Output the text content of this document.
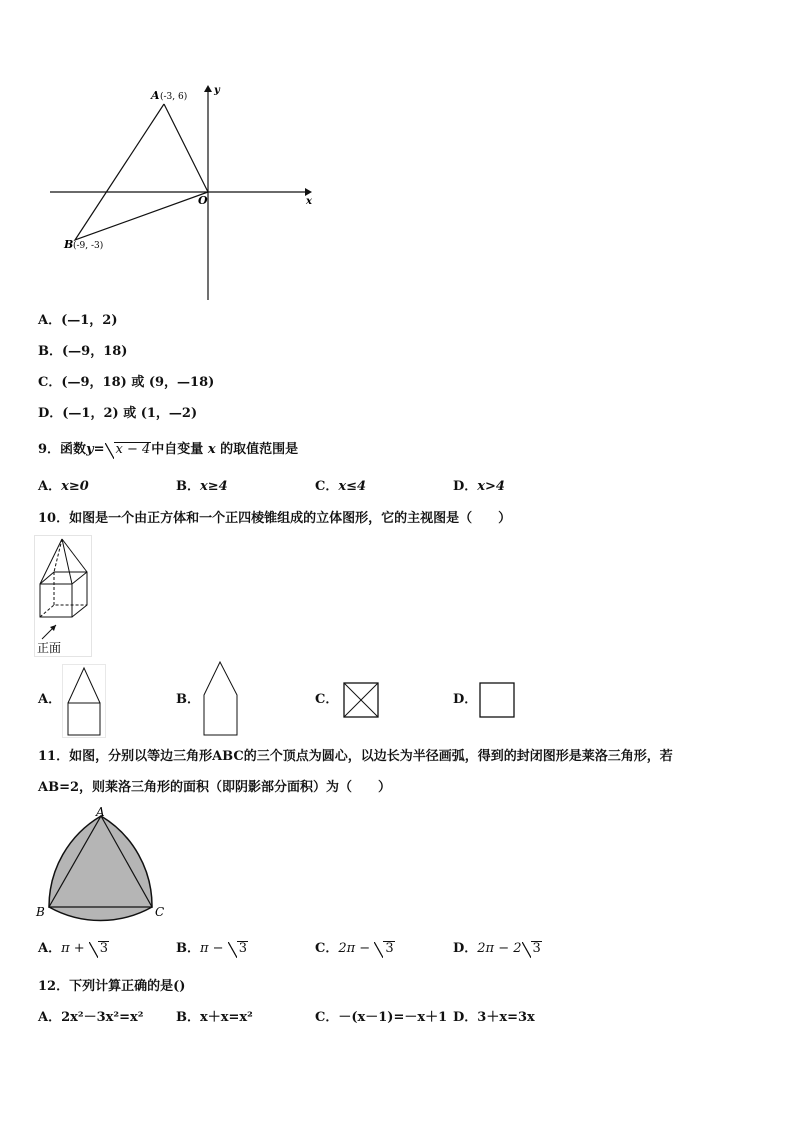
A (-3, 6)
B (-9, -3)
O	x
y
A．(—1，2)
B．(—9，18)
C．(—9，18) 或 (9，—18)
D．(—1，2) 或 (1，—2)
9．函数y= x − 4中自变量 x 的取值范围是
A．x≥0	B．x≥4	C．x≤4	D．x>4
10．如图是一个由正方体和一个正四棱锥组成的立体图形，它的主视图是（　　）
正面
A．	B．	C．	D．
11．如图，分别以等边三角形ABC的三个顶点为圆心，以边长为半径画弧，得到的封闭图形是莱洛三角形，若
AB=2，则莱洛三角形的面积（即阴影部分面积）为（　　）
A
B	C
A．π + 3	B．π − 3	C．2π − 3	D．2π − 2 3
12．下列计算正确的是()
A．2x²－3x²=x²	B．x＋x=x²	C．－(x－1)=－x＋1 D．3＋x=3x
